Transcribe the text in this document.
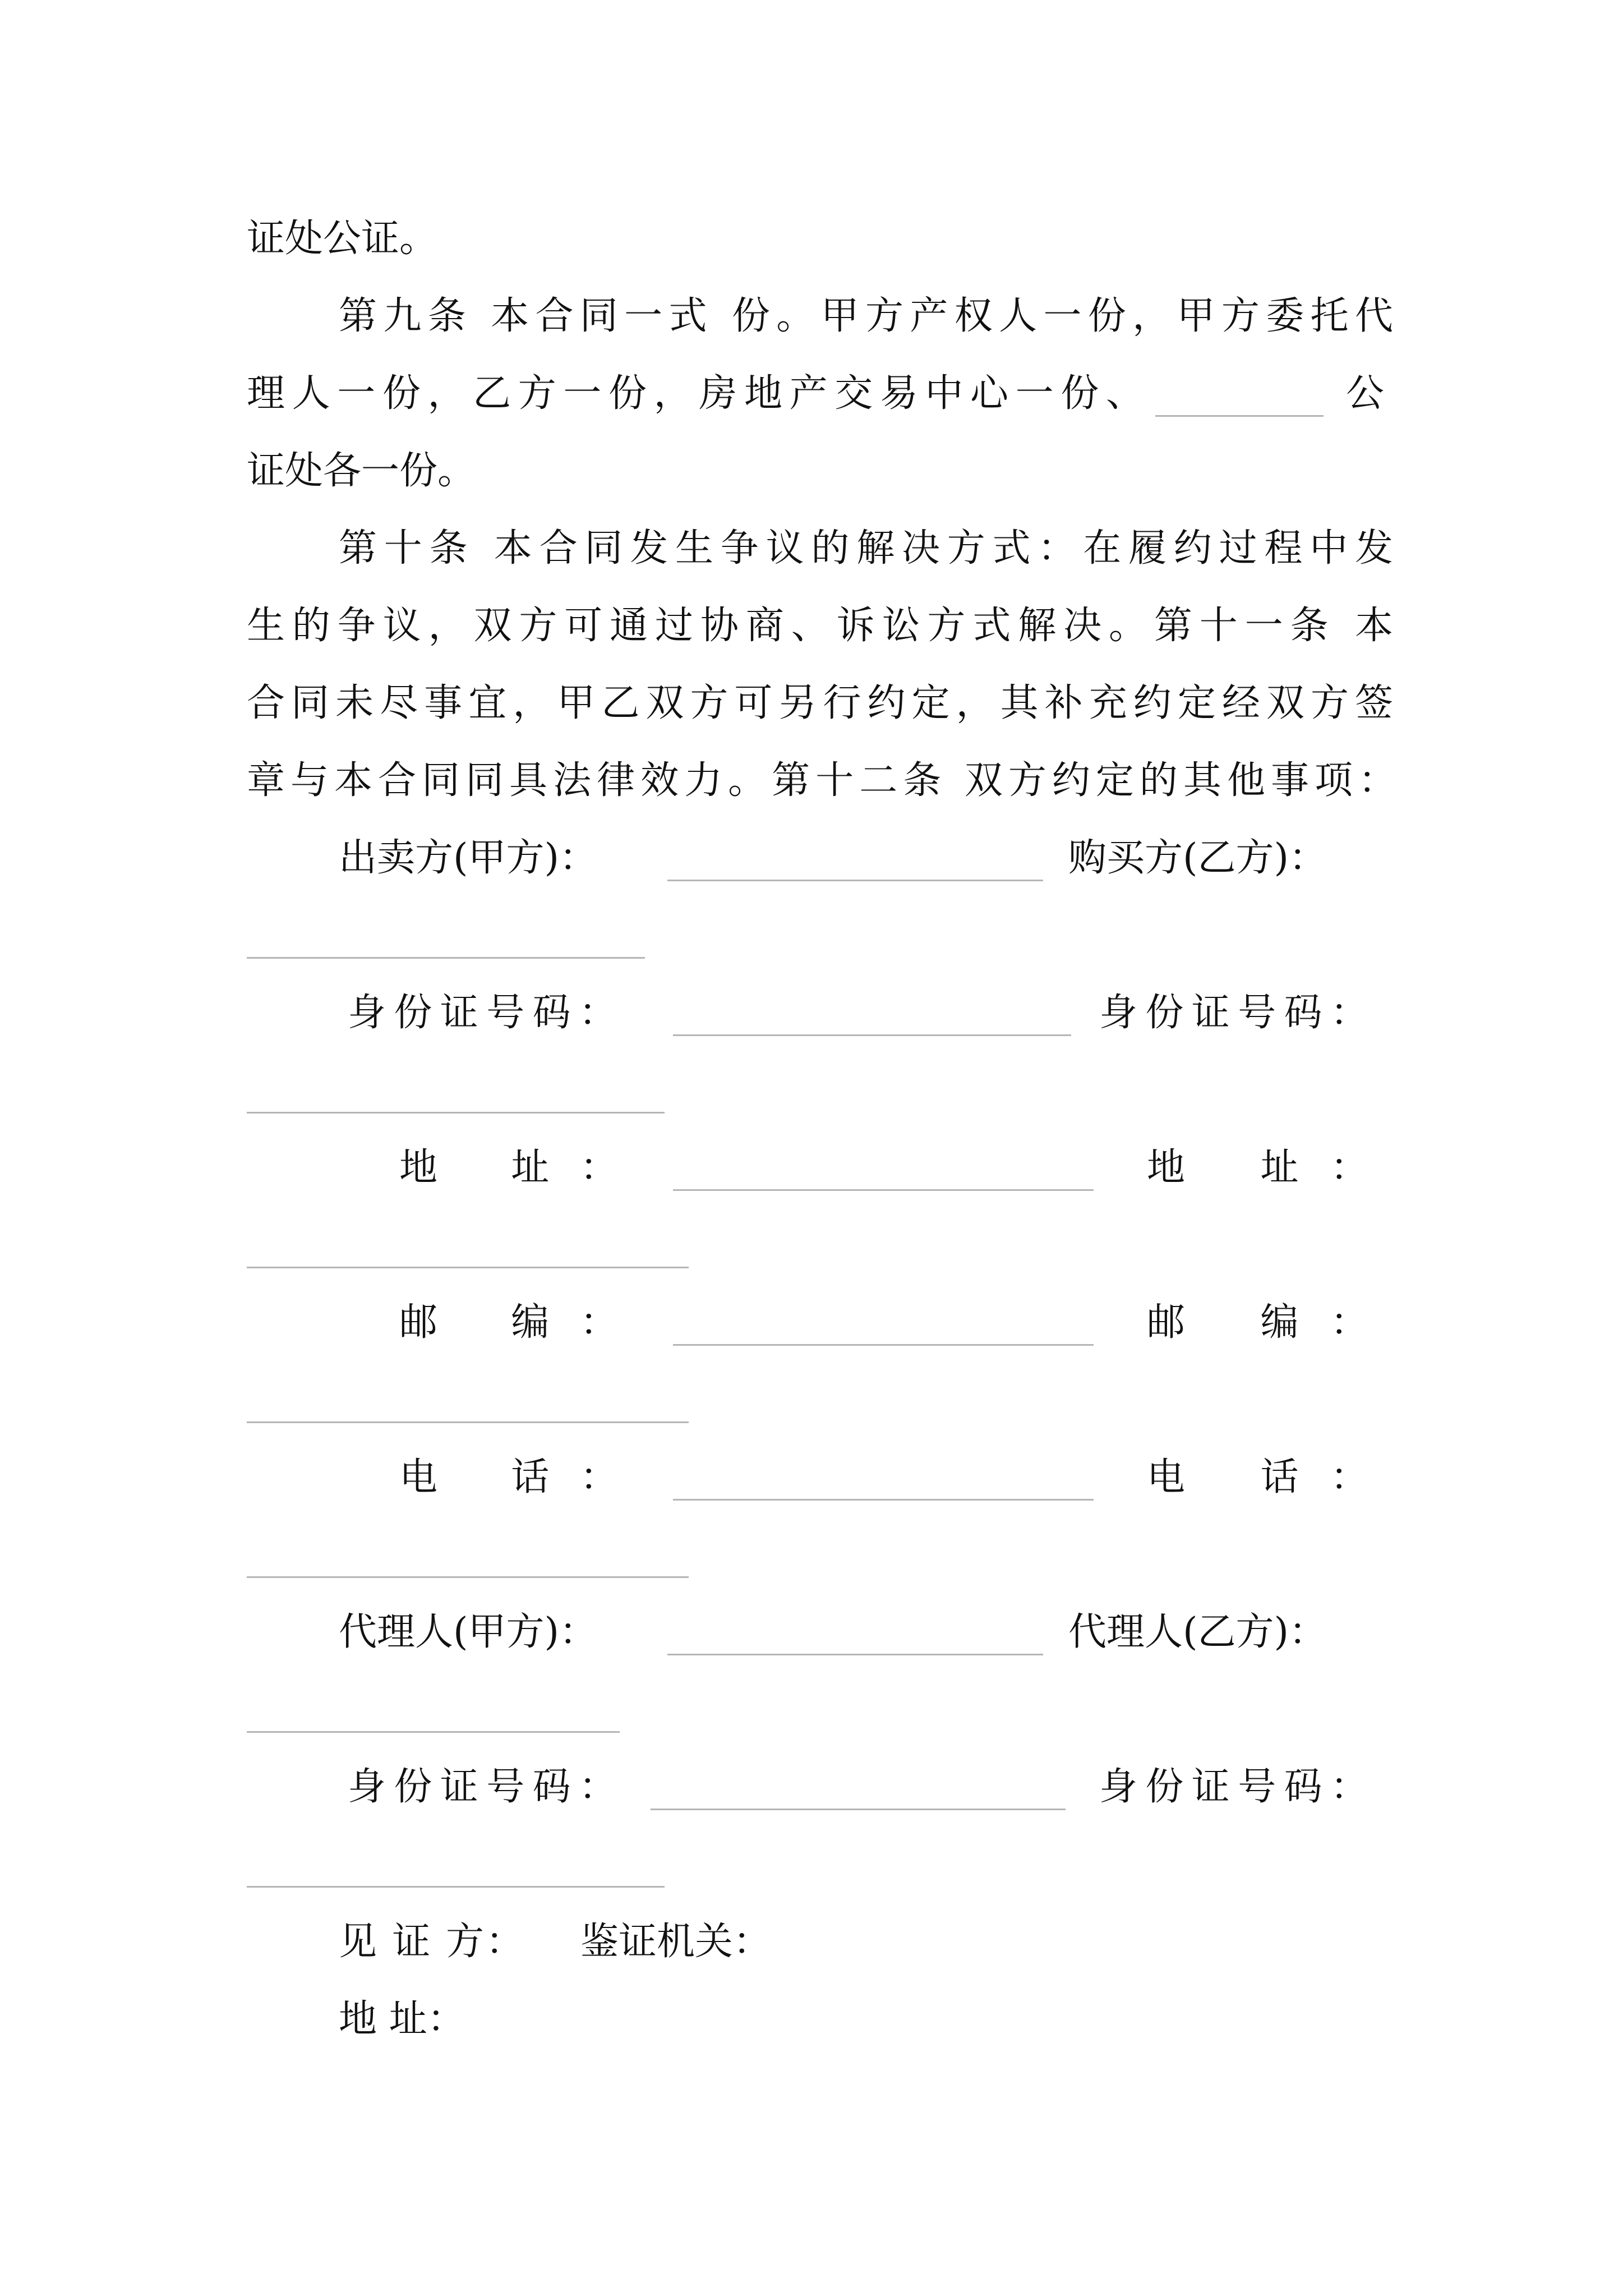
证处公证。
第九条 本合同一式 份。甲方产权人一份，甲方委托代
理人一份，乙方一份，房地产交易中心一份、	公
证处各一份。
第十条 本合同发生争议的解决方式：在履约过程中发
生的争议，双方可通过协商、诉讼方式解决。第十一条 本
合同未尽事宜，甲乙双方可另行约定，其补充约定经双方签
章与本合同同具法律效力。第十二条 双方约定的其他事项：
出卖方(甲方)：	购买方(乙方)：
身份证号码：	身份证号码：
地 址：	地 址：
邮 编：	邮 编：
电 话：	电 话：
代理人(甲方)：	代理人(乙方)：
身份证号码：	身份证号码：
见 证 方： 鉴证机关：
地 址：
